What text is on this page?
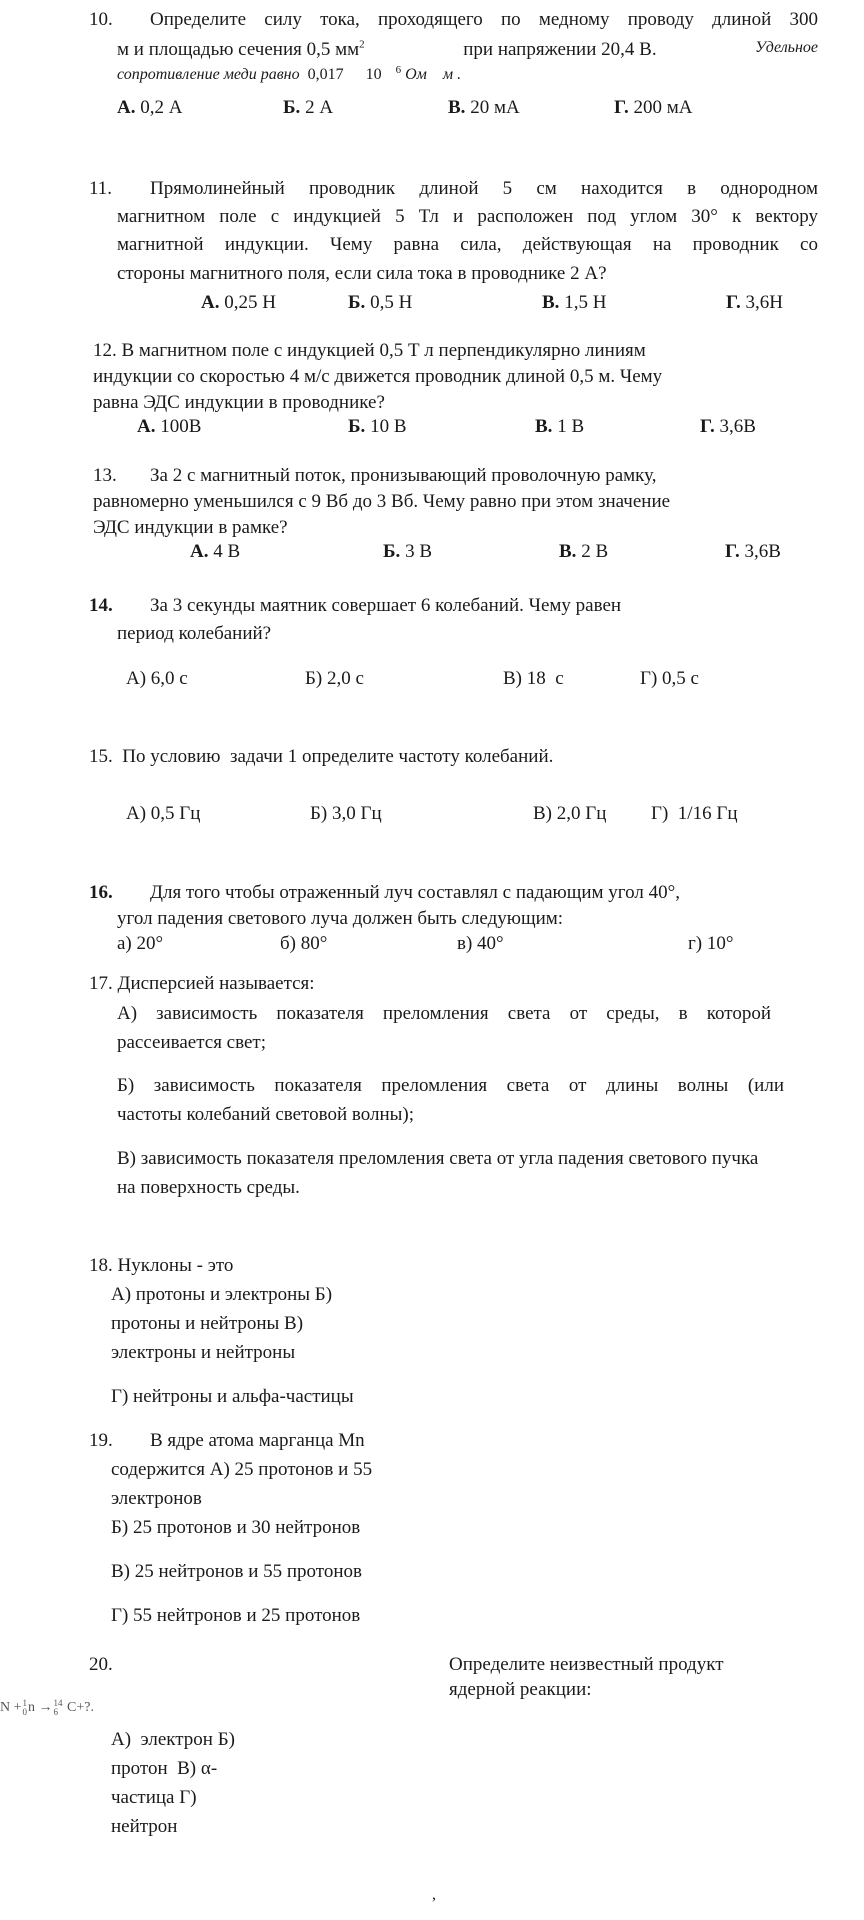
10. Определите силу тока, проходящего по медному проводу длиной 300
м и площадью сечения 0,5 $мм^2$	при напряжении 20,4 В.	Удельное
сопротивление меди равно 0,017 10 $^6$ Ом м .
А. 0,2 А	Б. 2 А	В. 20 мА	Г. 200 мА
11. Прямолинейный проводник длиной 5 см находится в однородном
магнитном поле с индукцией 5 Тл и расположен под углом 30° к вектору
магнитной индукции. Чему равна сила, действующая на проводник со
стороны магнитного поля, если сила тока в проводнике 2 А?
А. 0,25 Н	Б. 0,5 Н	В. 1,5 Н	Г. 3,6Н
12. В магнитном поле с индукцией 0,5 Т л перпендикулярно линиям
индукции со скоростью 4 м/с движется проводник длиной 0,5 м. Чему
равна ЭДС индукции в проводнике?
А. 100В	Б. 10 В	В. 1 В	Г. 3,6В
13. За 2 с магнитный поток, пронизывающий проволочную рамку,
равномерно уменьшился с 9 Вб до 3 Вб. Чему равно при этом значение
ЭДС индукции в рамке?
А. 4 В	Б. 3 В	В. 2 В	Г. 3,6В
14. За 3 секунды маятник совершает 6 колебаний. Чему равен
период колебаний?
А) 6,0 с	Б) 2,0 с	В) 18  с	Г) 0,5 с
15.  По условию  задачи 1 определите частоту колебаний.
А) 0,5 Гц	Б) 3,0 Гц	В) 2,0 Гц Г)  1/16 Гц
16. Для того чтобы отраженный луч составлял с падающим угол 40°,
угол падения светового луча должен быть следующим:
а) 20°	б) 80°	в) 40°	г) 10°
17. Дисперсией называется:
А) зависимость показателя преломления света от среды, в которой
рассеивается свет;
Б) зависимость показателя преломления света от длины волны (или
частоты колебаний световой волны);
В) зависимость показателя преломления света от угла падения светового пучка
на поверхность среды.
18. Нуклоны - это
А) протоны и электроны Б)
протоны и нейтроны В)
электроны и нейтроны
Г) нейтроны и альфа-частицы
19. В ядре атома марганца Mn
содержится А) 25 протонов и 55
электронов
Б) 25 протонов и 30 нейтронов
В) 25 нейтронов и 55 протонов
Г) 55 нейтронов и 25 протонов
20.	Определите неизвестный продукт
ядерной реакции:
N + 1
0 n → 14
6 C+?.
А)  электрон Б)
протон  В) α-
частица Г)
нейтрон
,
